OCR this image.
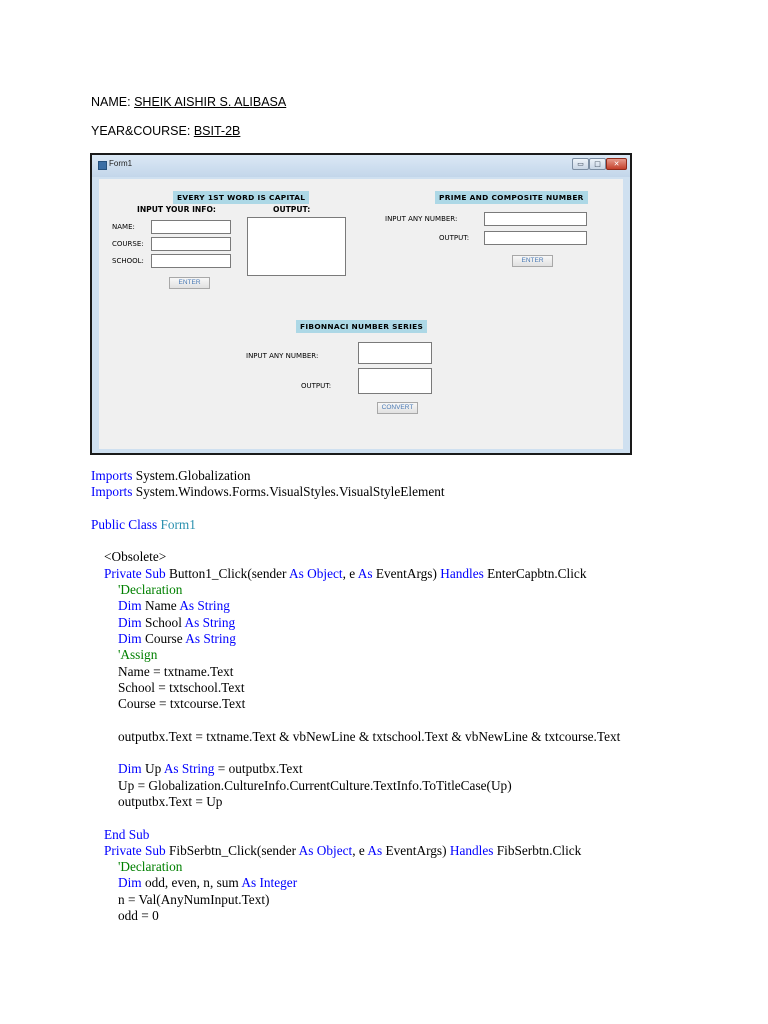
NAME: SHEIK AISHIR S. ALIBASA
YEAR&COURSE: BSIT-2B
Form1	▭	□	✕
EVERY 1ST WORD IS CAPITAL
INPUT YOUR INFO:	OUTPUT:
NAME:
COURSE:
SCHOOL:
ENTER
PRIME AND COMPOSITE NUMBER
INPUT ANY NUMBER:
OUTPUT:
ENTER
FIBONNACI NUMBER SERIES
INPUT ANY NUMBER:
OUTPUT:
CONVERT
Imports System.Globalization
Imports System.Windows.Forms.VisualStyles.VisualStyleElement
Public Class Form1
<Obsolete>
Private Sub Button1_Click(sender As Object, e As EventArgs) Handles EnterCapbtn.Click
'Declaration
Dim Name As String
Dim School As String
Dim Course As String
'Assign
Name = txtname.Text
School = txtschool.Text
Course = txtcourse.Text
outputbx.Text = txtname.Text & vbNewLine & txtschool.Text & vbNewLine & txtcourse.Text
Dim Up As String = outputbx.Text
Up = Globalization.CultureInfo.CurrentCulture.TextInfo.ToTitleCase(Up)
outputbx.Text = Up
End Sub
Private Sub FibSerbtn_Click(sender As Object, e As EventArgs) Handles FibSerbtn.Click
'Declaration
Dim odd, even, n, sum As Integer
n = Val(AnyNumInput.Text)
odd = 0
